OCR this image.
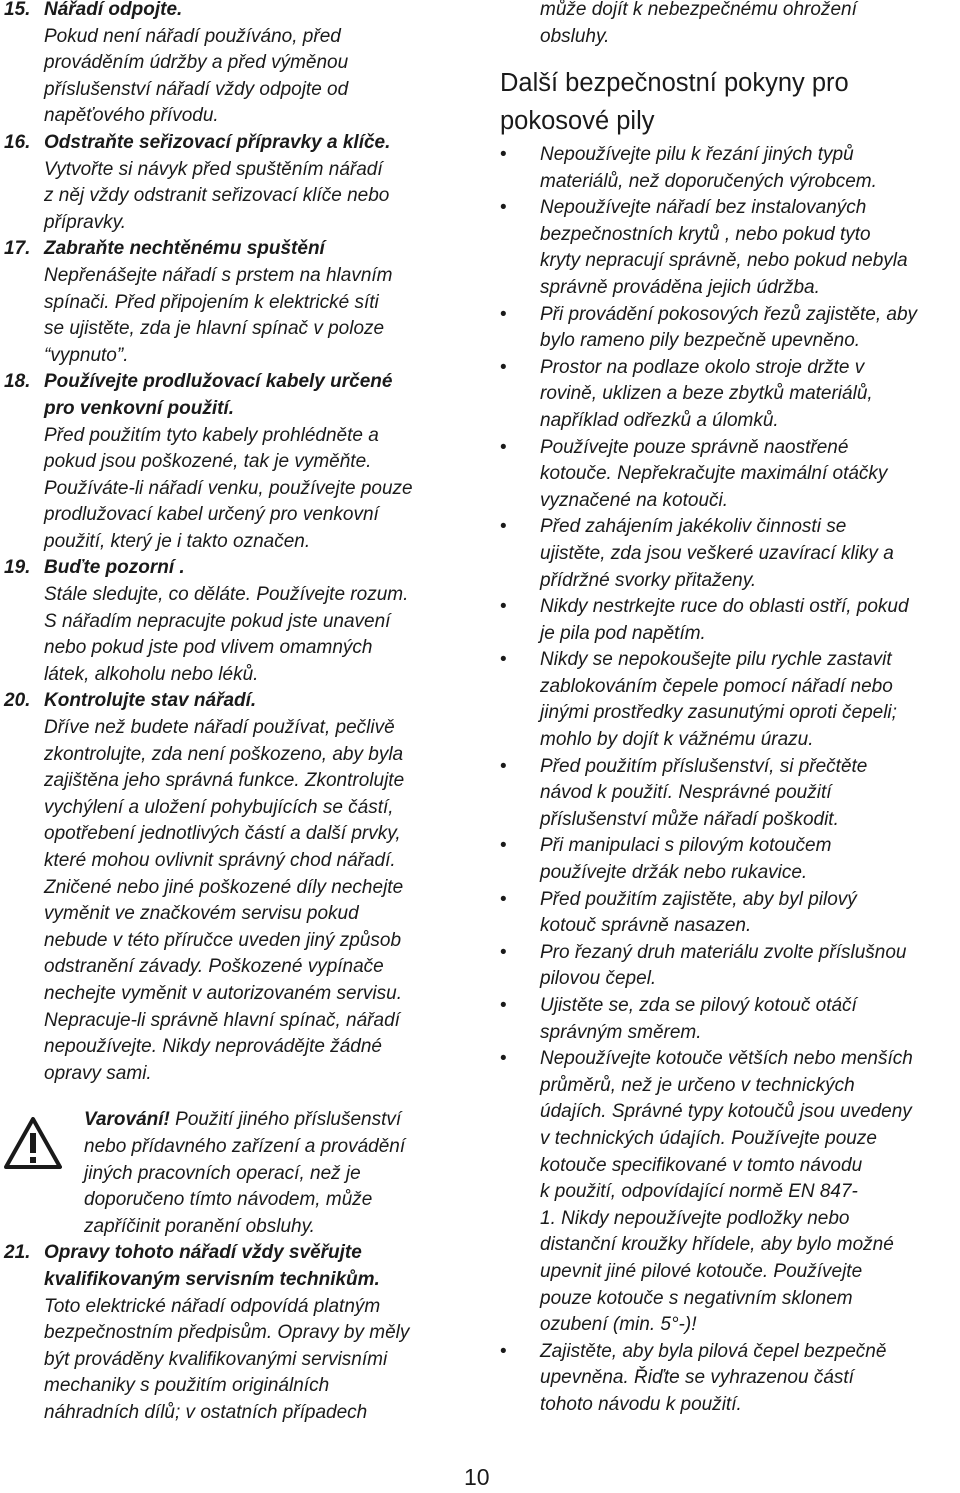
15. Nářadí odpojte.
Pokud není nářadí používáno, před
prováděním údržby a před výměnou
příslušenství nářadí vždy odpojte od
napěťového přívodu.
16. Odstraňte seřizovací přípravky a klíče.
Vytvořte si návyk před spuštěním nářadí
z něj vždy odstranit seřizovací klíče nebo
přípravky.
17. Zabraňte nechtěnému spuštění
Nepřenášejte nářadí s prstem na hlavním
spínači. Před připojením k elektrické síti
se ujistěte, zda je hlavní spínač v poloze
“vypnuto”.
18. Používejte prodlužovací kabely určené
pro venkovní použití.
Před použitím tyto kabely prohlédněte a
pokud jsou poškozené, tak je vyměňte.
Používáte-li nářadí venku, používejte pouze
prodlužovací kabel určený pro venkovní
použití, který je i takto označen.
19. Buďte pozorní .
Stále sledujte, co děláte. Používejte rozum.
S nářadím nepracujte pokud jste unavení
nebo pokud jste pod vlivem omamných
látek, alkoholu nebo léků.
20. Kontrolujte stav nářadí.
Dříve než budete nářadí používat, pečlivě
zkontrolujte, zda není poškozeno, aby byla
zajištěna jeho správná funkce. Zkontrolujte
vychýlení a uložení pohybujících se částí,
opotřebení jednotlivých částí a další prvky,
které mohou ovlivnit správný chod nářadí.
Zničené nebo jiné poškozené díly nechejte
vyměnit ve značkovém servisu pokud
nebude v této příručce uveden jiný způsob
odstranění závady. Poškozené vypínače
nechejte vyměnit v autorizovaném servisu.
Nepracuje-li správně hlavní spínač, nářadí
nepoužívejte. Nikdy neprovádějte žádné
opravy sami.
Varování! Použití jiného příslušenství
nebo přídavného zařízení a provádění
jiných pracovních operací, než je
doporučeno tímto návodem, může
zapříčinit poranění obsluhy.
21. Opravy tohoto nářadí vždy svěřujte
kvalifikovaným servisním technikům.
Toto elektrické nářadí odpovídá platným
bezpečnostním předpisům. Opravy by měly
být prováděny kvalifikovanými servisními
mechaniky s použitím originálních
náhradních dílů; v ostatních případech
může dojít k nebezpečnému ohrožení
obsluhy.
Další bezpečnostní pokyny pro
pokosové pily
• Nepoužívejte pilu k řezání jiných typů
materiálů, než doporučených výrobcem.
• Nepoužívejte nářadí bez instalovaných
bezpečnostních krytů , nebo pokud tyto
kryty nepracují správně, nebo pokud nebyla
správně prováděna jejich údržba.
• Při provádění pokosových řezů zajistěte, aby
bylo rameno pily bezpečně upevněno.
• Prostor na podlaze okolo stroje držte v
rovině, uklizen a beze zbytků materiálů,
například odřezků a úlomků.
• Používejte pouze správně naostřené
kotouče. Nepřekračujte maximální otáčky
vyznačené na kotouči.
• Před zahájením jakékoliv činnosti se
ujistěte, zda jsou veškeré uzavírací kliky a
přídržné svorky přitaženy.
• Nikdy nestrkejte ruce do oblasti ostří, pokud
je pila pod napětím.
• Nikdy se nepokoušejte pilu rychle zastavit
zablokováním čepele pomocí nářadí nebo
jinými prostředky zasunutými oproti čepeli;
mohlo by dojít k vážnému úrazu.
• Před použitím příslušenství, si přečtěte
návod k použití. Nesprávné použití
příslušenství může nářadí poškodit.
• Při manipulaci s pilovým kotoučem
používejte držák nebo rukavice.
• Před použitím zajistěte, aby byl pilový
kotouč správně nasazen.
• Pro řezaný druh materiálu zvolte příslušnou
pilovou čepel.
• Ujistěte se, zda se pilový kotouč otáčí
správným směrem.
• Nepoužívejte kotouče větších nebo menších
průměrů, než je určeno v technických
údajích. Správné typy kotoučů jsou uvedeny
v technických údajích. Používejte pouze
kotouče specifikované v tomto návodu
k použití, odpovídající normě EN 847-
1. Nikdy nepoužívejte podložky nebo
distanční kroužky hřídele, aby bylo možné
upevnit jiné pilové kotouče. Používejte
pouze kotouče s negativním sklonem
ozubení (min. 5°-)!
• Zajistěte, aby byla pilová čepel bezpečně
upevněna. Řiďte se vyhrazenou částí
tohoto návodu k použití.
10
